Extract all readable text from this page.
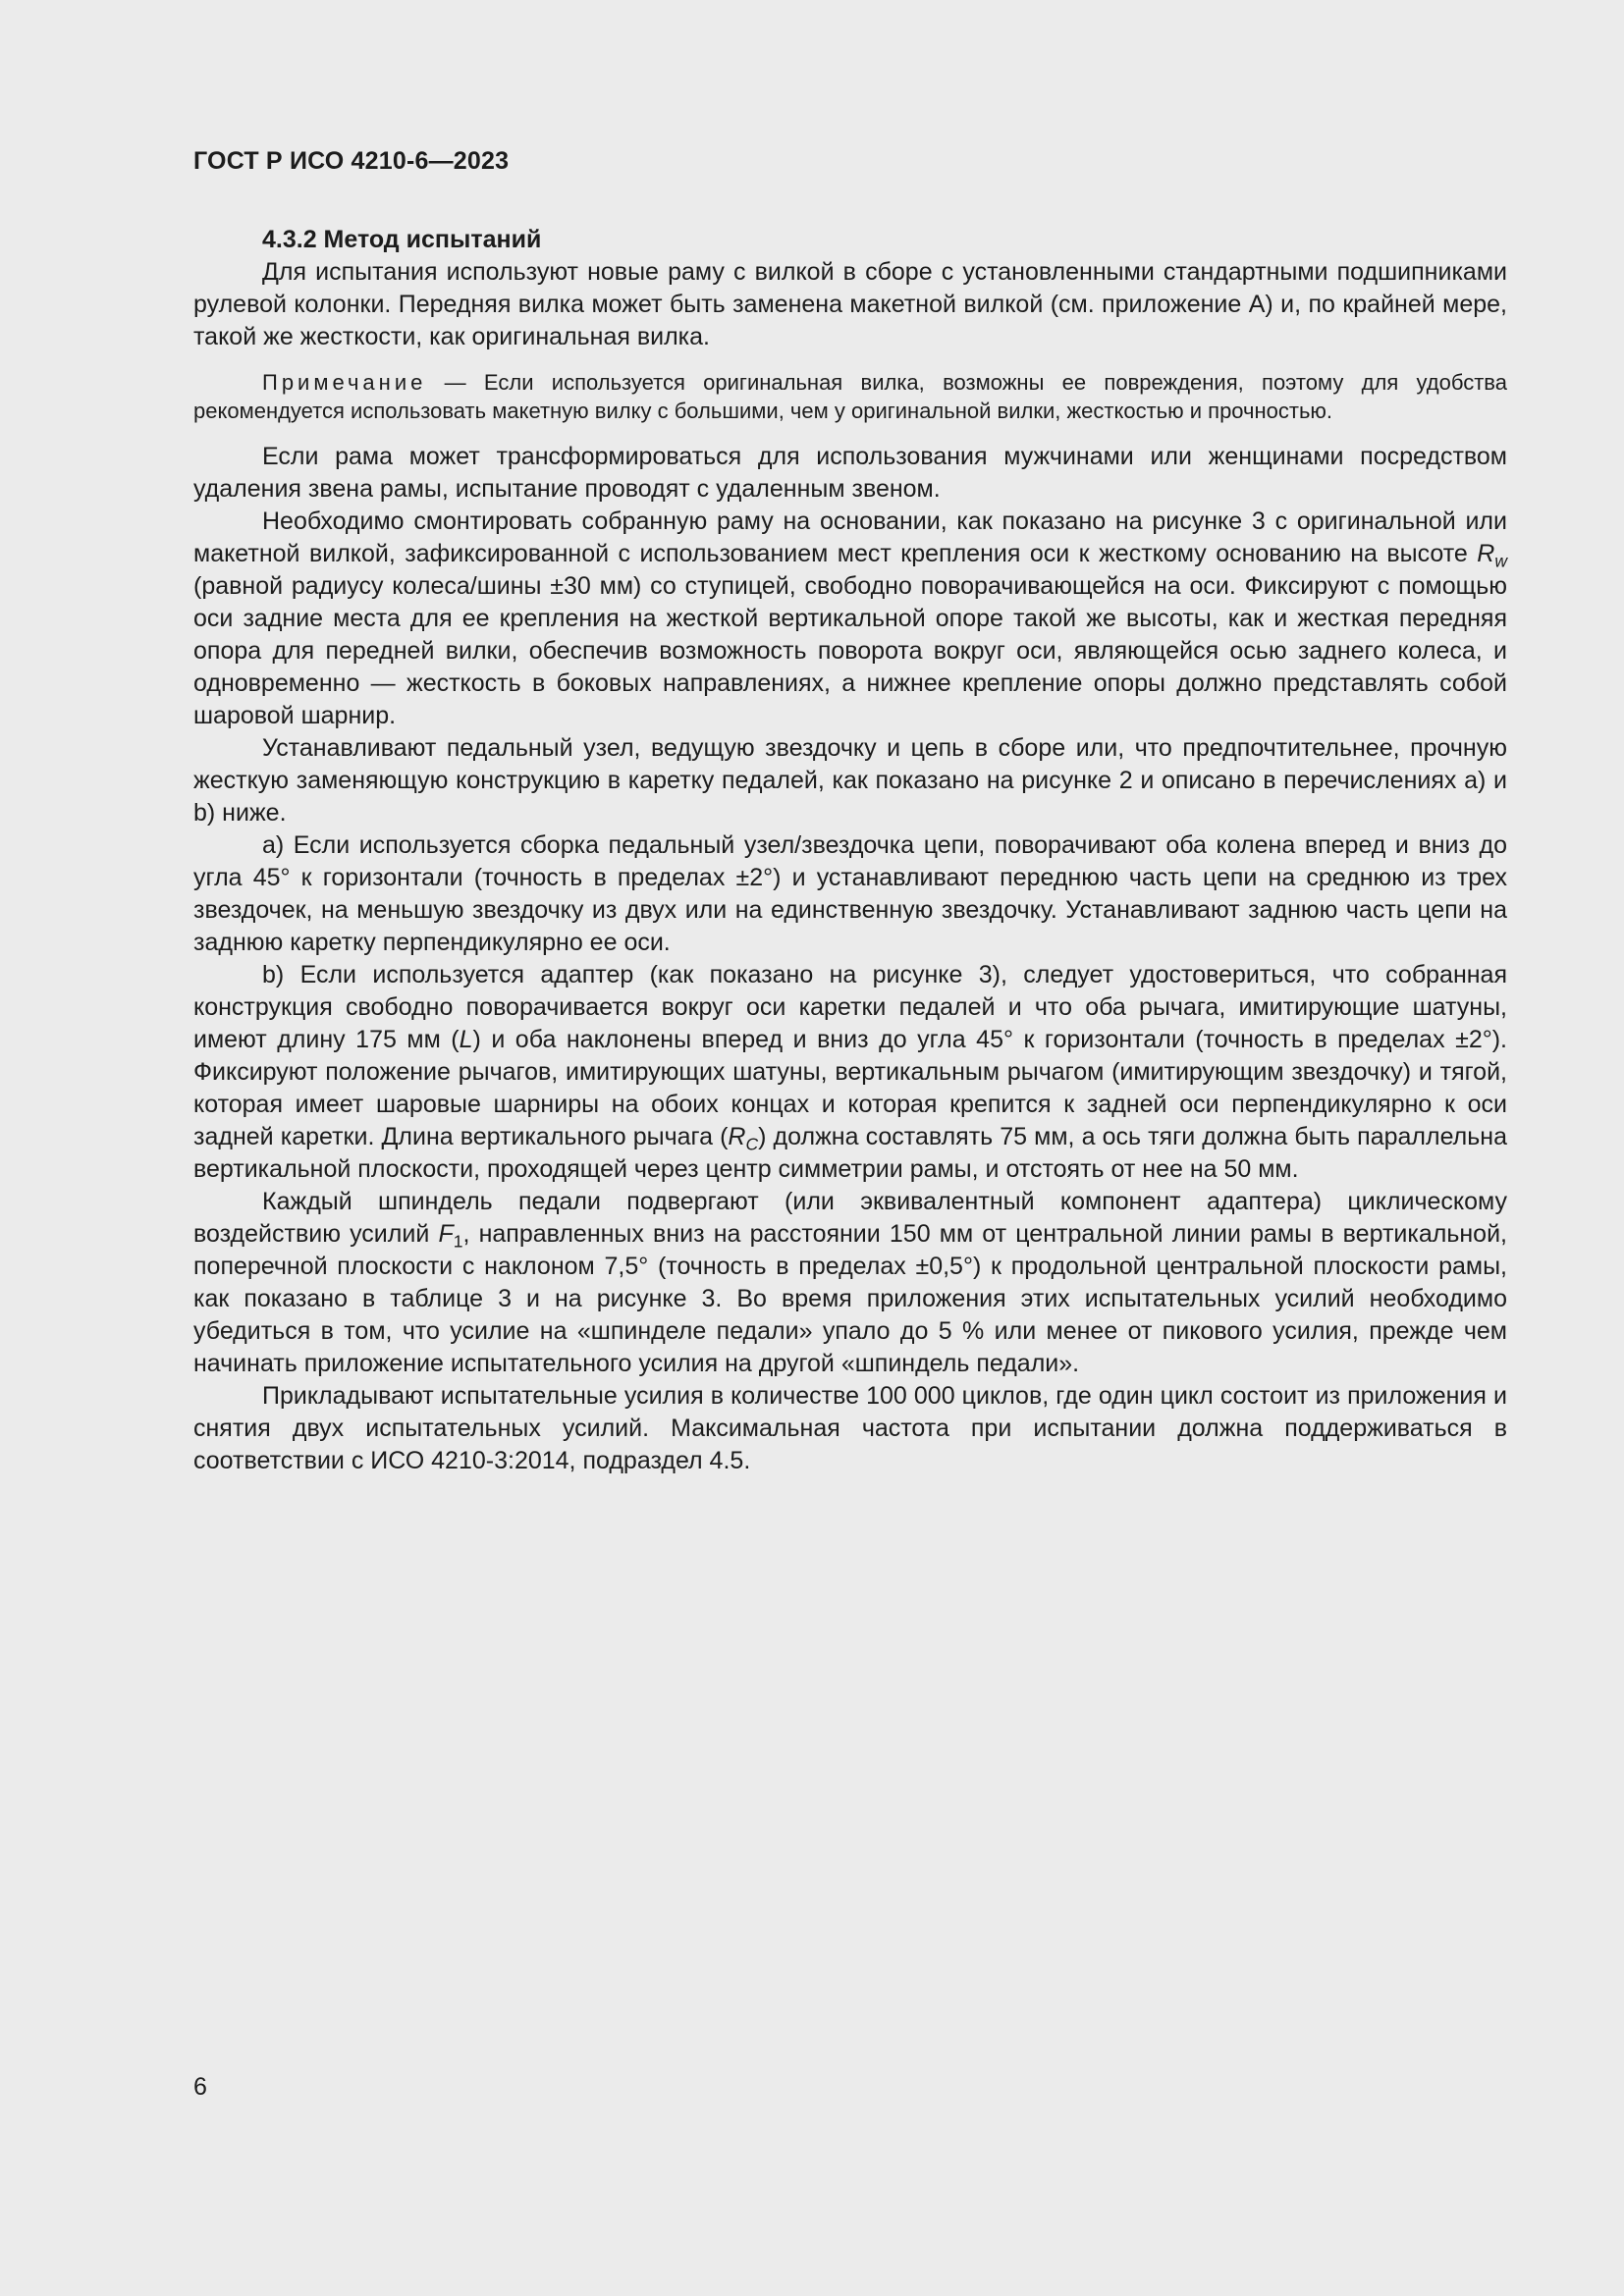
ГОСТ Р ИСО 4210-6—2023

4.3.2 Метод испытаний

Для испытания используют новые раму с вилкой в сборе с установленными стандартными подшипниками рулевой колонки. Передняя вилка может быть заменена макетной вилкой (см. приложение А) и, по крайней мере, такой же жесткости, как оригинальная вилка.

Примечание — Если используется оригинальная вилка, возможны ее повреждения, поэтому для удобства рекомендуется использовать макетную вилку с большими, чем у оригинальной вилки, жесткостью и прочностью.

Если рама может трансформироваться для использования мужчинами или женщинами посредством удаления звена рамы, испытание проводят с удаленным звеном.

Необходимо смонтировать собранную раму на основании, как показано на рисунке 3 с оригинальной или макетной вилкой, зафиксированной с использованием мест крепления оси к жесткому основанию на высоте $R_w$ (равной радиусу колеса/шины ±30 мм) со ступицей, свободно поворачивающейся на оси. Фиксируют с помощью оси задние места для ее крепления на жесткой вертикальной опоре такой же высоты, как и жесткая передняя опора для передней вилки, обеспечив возможность поворота вокруг оси, являющейся осью заднего колеса, и одновременно — жесткость в боковых направлениях, а нижнее крепление опоры должно представлять собой шаровой шарнир.

Устанавливают педальный узел, ведущую звездочку и цепь в сборе или, что предпочтительнее, прочную жесткую заменяющую конструкцию в каретку педалей, как показано на рисунке 2 и описано в перечислениях а) и b) ниже.

а) Если используется сборка педальный узел/звездочка цепи, поворачивают оба колена вперед и вниз до угла 45° к горизонтали (точность в пределах ±2°) и устанавливают переднюю часть цепи на среднюю из трех звездочек, на меньшую звездочку из двух или на единственную звездочку. Устанавливают заднюю часть цепи на заднюю каретку перпендикулярно ее оси.

b) Если используется адаптер (как показано на рисунке 3), следует удостовериться, что собранная конструкция свободно поворачивается вокруг оси каретки педалей и что оба рычага, имитирующие шатуны, имеют длину 175 мм (L) и оба наклонены вперед и вниз до угла 45° к горизонтали (точность в пределах ±2°). Фиксируют положение рычагов, имитирующих шатуны, вертикальным рычагом (имитирующим звездочку) и тягой, которая имеет шаровые шарниры на обоих концах и которая крепится к задней оси перпендикулярно к оси задней каретки. Длина вертикального рычага $(R_C)$ должна составлять 75 мм, а ось тяги должна быть параллельна вертикальной плоскости, проходящей через центр симметрии рамы, и отстоять от нее на 50 мм.

Каждый шпиндель педали подвергают (или эквивалентный компонент адаптера) циклическому воздействию усилий $F_1$, направленных вниз на расстоянии 150 мм от центральной линии рамы в вертикальной, поперечной плоскости с наклоном 7,5° (точность в пределах ±0,5°) к продольной центральной плоскости рамы, как показано в таблице 3 и на рисунке 3. Во время приложения этих испытательных усилий необходимо убедиться в том, что усилие на «шпинделе педали» упало до 5 % или менее от пикового усилия, прежде чем начинать приложение испытательного усилия на другой «шпиндель педали».

Прикладывают испытательные усилия в количестве 100 000 циклов, где один цикл состоит из приложения и снятия двух испытательных усилий. Максимальная частота при испытании должна поддерживаться в соответствии с ИСО 4210-3:2014, подраздел 4.5.

6
